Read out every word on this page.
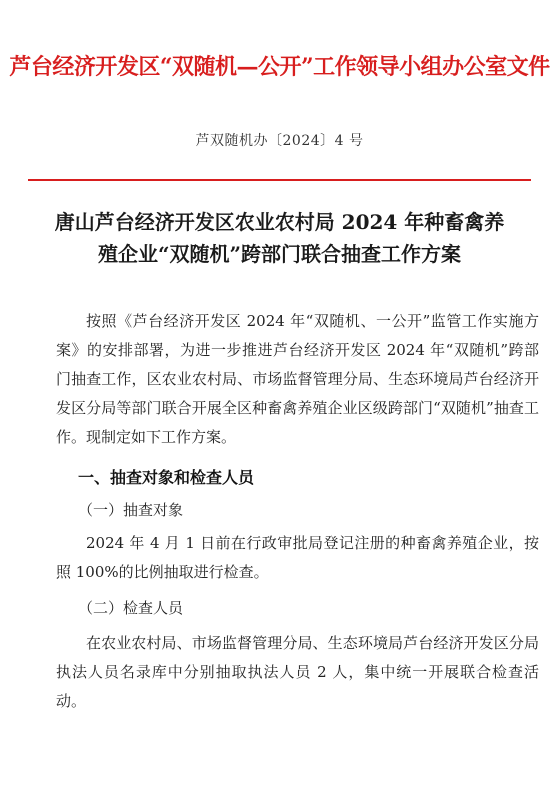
芦台经济开发区“双随机—公开”工作领导小组办公室文件
芦双随机办〔2024〕4 号
唐山芦台经济开发区农业农村局 2024 年种畜禽养
殖企业“双随机”跨部门联合抽查工作方案
按照《芦台经济开发区 2024 年“双随机、一公开”监管工作实施方案》的安排部署，为进一步推进芦台经济开发区 2024 年“双随机”跨部门抽查工作，区农业农村局、市场监督管理分局、生态环境局芦台经济开发区分局等部门联合开展全区种畜禽养殖企业区级跨部门“双随机”抽查工作。现制定如下工作方案。
一、抽查对象和检查人员
（一）抽查对象
2024 年 4 月 1 日前在行政审批局登记注册的种畜禽养殖企业，按照 100%的比例抽取进行检查。
（二）检查人员
在农业农村局、市场监督管理分局、生态环境局芦台经济开发区分局执法人员名录库中分别抽取执法人员 2 人，集中统一开展联合检查活动。
